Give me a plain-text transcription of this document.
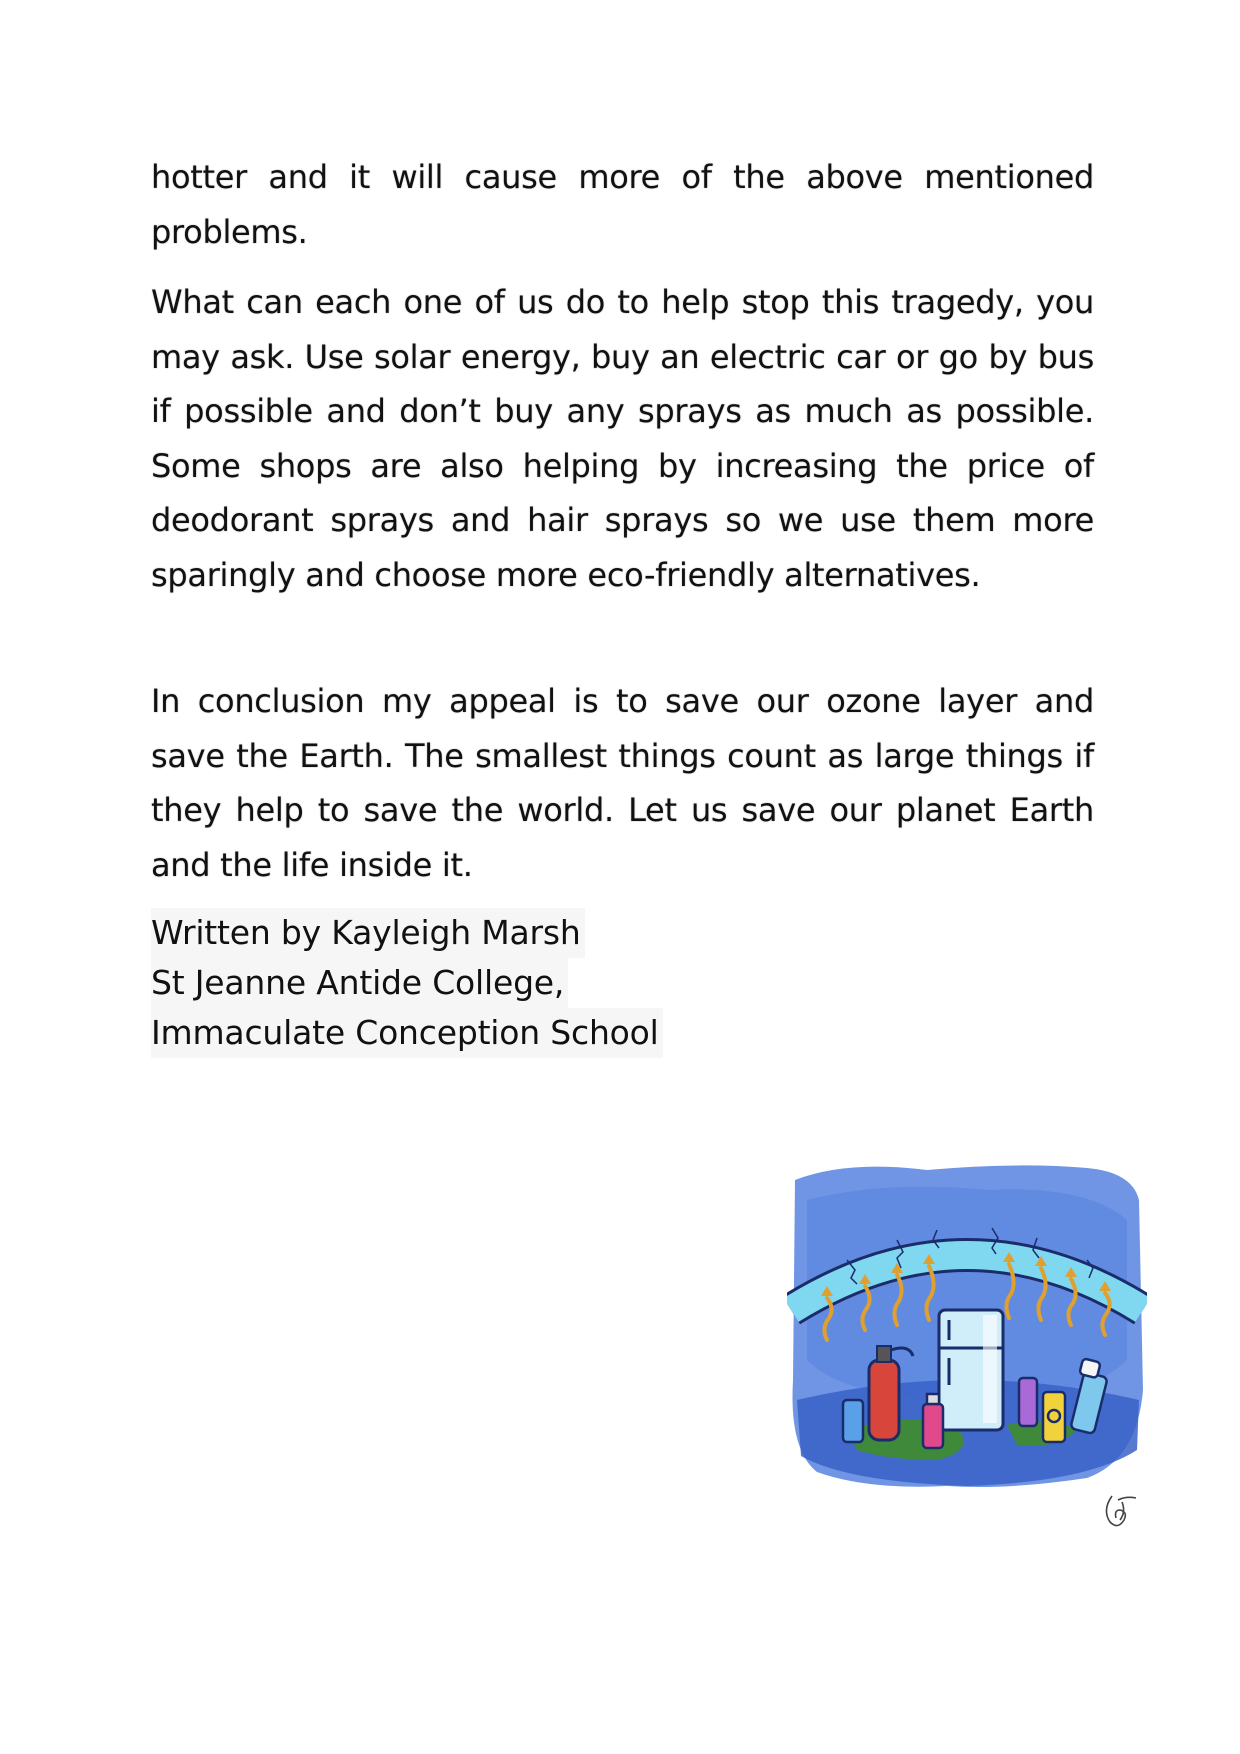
hotter and it will cause more of the above mentioned problems.

What can each one of us do to help stop this tragedy, you may ask. Use solar energy, buy an electric car or go by bus if possible and don’t buy any sprays as much as possible. Some shops are also helping by increasing the price of deodorant sprays and hair sprays so we use them more sparingly and choose more eco-friendly alternatives.

In conclusion my appeal is to save our ozone layer and save the Earth. The smallest things count as large things if they help to save the world. Let us save our planet Earth and the life inside it.

Written by Kayleigh Marsh
St Jeanne Antide College,
Immaculate Conception School
